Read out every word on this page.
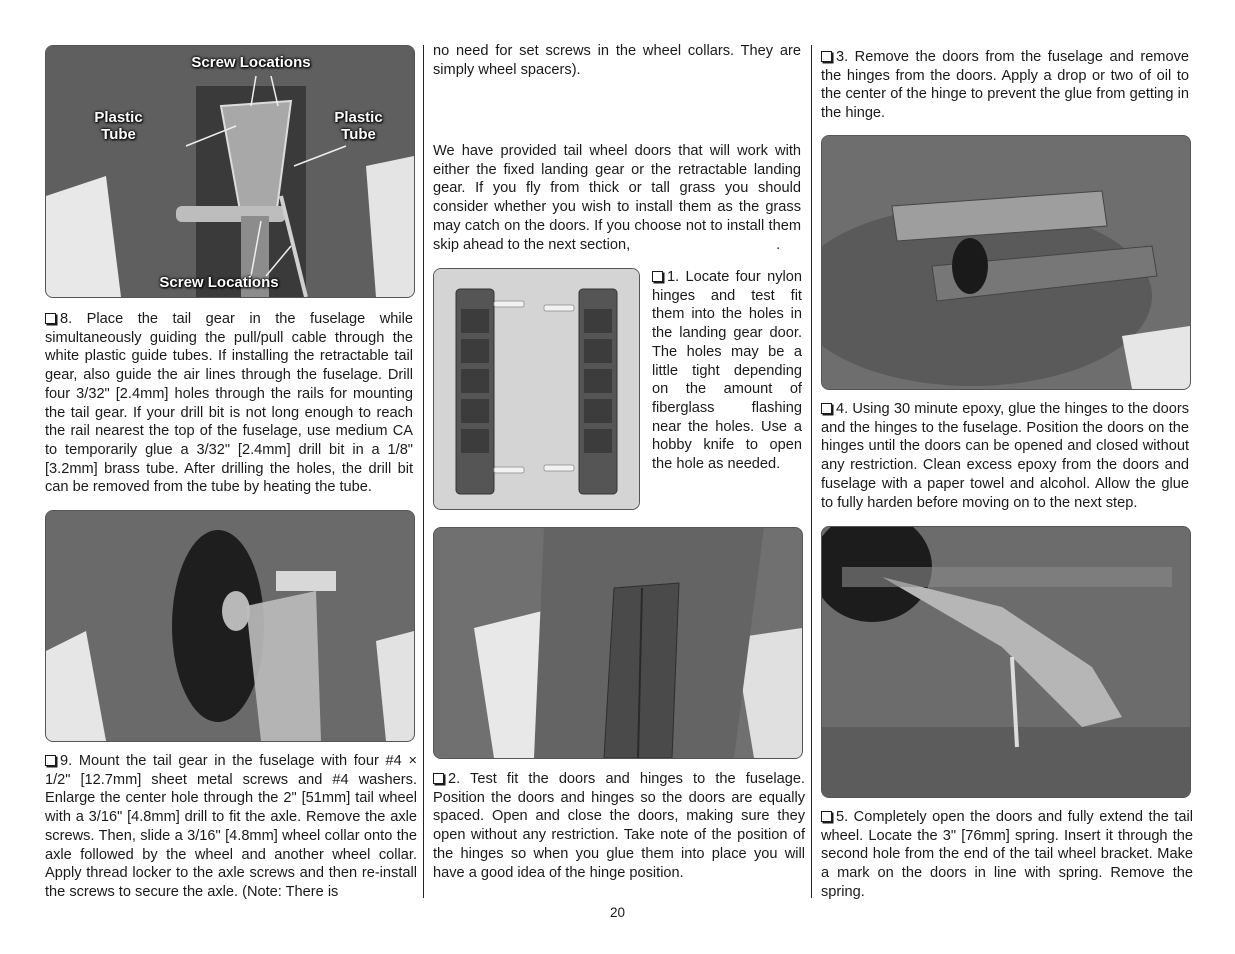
Screw Locations
Plastic
Tube
Plastic
Tube
Screw Locations

8. Place the tail gear in the fuselage while simultaneously guiding the pull/pull cable through the white plastic guide tubes. If installing the retractable tail gear, also guide the air lines through the fuselage. Drill four 3/32" [2.4mm] holes through the rails for mounting the tail gear. If your drill bit is not long enough to reach the rail nearest the top of the fuselage, use medium CA to temporarily glue a 3/32" [2.4mm] drill bit in a 1/8" [3.2mm] brass tube. After drilling the holes, the drill bit can be removed from the tube by heating the tube.

9. Mount the tail gear in the fuselage with four #4 × 1/2" [12.7mm] sheet metal screws and #4 washers. Enlarge the center hole through the 2" [51mm] tail wheel with a 3/16" [4.8mm] drill to fit the axle. Remove the axle screws. Then, slide a 3/16" [4.8mm] wheel collar onto the axle followed by the wheel and another wheel collar. Apply thread locker to the axle screws and then re-install the screws to secure the axle. (Note: There is

no need for set screws in the wheel collars. They are simply wheel spacers).

We have provided tail wheel doors that will work with either the fixed landing gear or the retractable landing gear. If you fly from thick or tall grass you should consider whether you wish to install them as the grass may catch on the doors. If you choose not to install them skip ahead to the next section,	.

1. Locate four nylon hinges and test fit them into the holes in the landing gear door. The holes may be a little tight depending on the amount of fiberglass flashing near the holes. Use a hobby knife to open the hole as needed.

2. Test fit the doors and hinges to the fuselage. Position the doors and hinges so the doors are equally spaced. Open and close the doors, making sure they open without any restriction. Take note of the position of the hinges so when you glue them into place you will have a good idea of the hinge position.

3. Remove the doors from the fuselage and remove the hinges from the doors. Apply a drop or two of oil to the center of the hinge to prevent the glue from getting in the hinge.

4. Using 30 minute epoxy, glue the hinges to the doors and the hinges to the fuselage. Position the doors on the hinges until the doors can be opened and closed without any restriction. Clean excess epoxy from the doors and fuselage with a paper towel and alcohol. Allow the glue to fully harden before moving on to the next step.

5. Completely open the doors and fully extend the tail wheel. Locate the 3" [76mm] spring. Insert it through the second hole from the end of the tail wheel bracket. Make a mark on the doors in line with spring. Remove the spring.

20
